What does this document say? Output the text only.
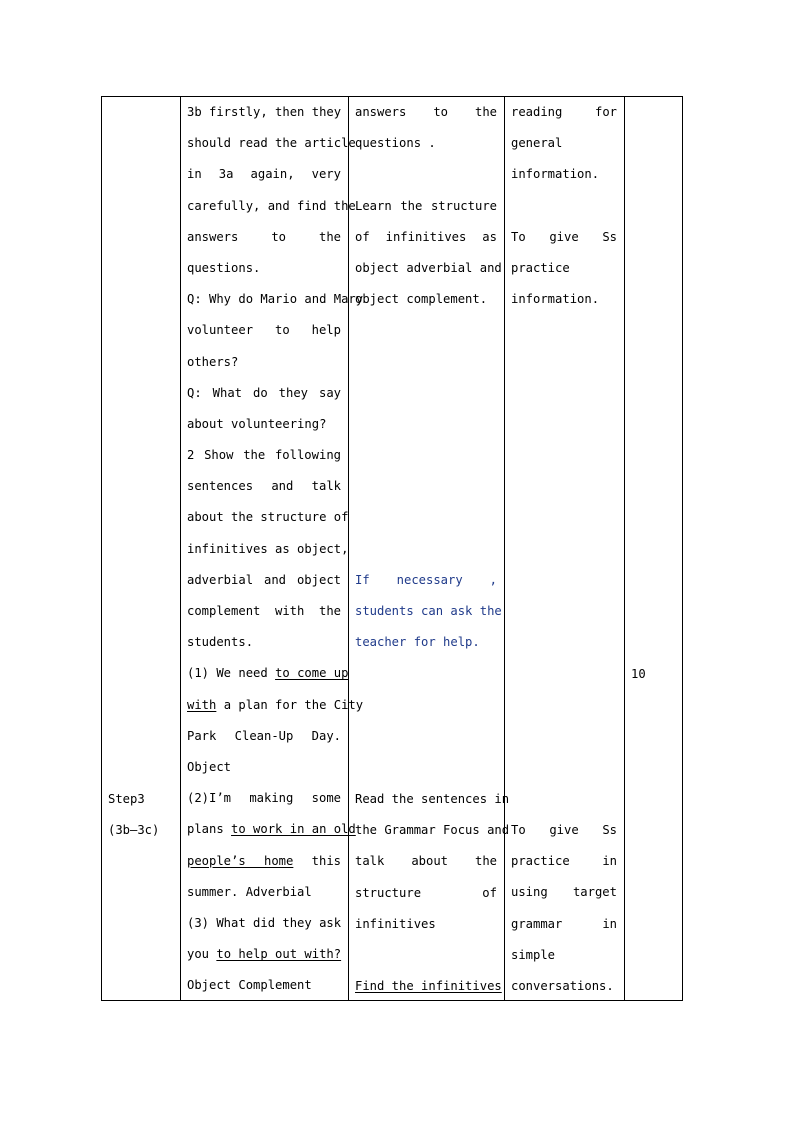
Step3
(3b—3c)
3b firstly, then they
should read the article
in 3a again, very
carefully, and find the
answers to the
questions.
Q: Why do Mario and Mary
volunteer to help
others?
Q: What do they say
about volunteering?
2 Show the following
sentences and talk
about the structure of
infinitives as object,
adverbial and object
complement with the
students.
(1) We need to come up
with a plan for the City
Park Clean-Up Day.
Object
(2)I’m making some
plans to work in an old
people’s home this
summer. Adverbial
(3) What did they ask
you to help out with?
Object Complement
answers to the
questions .
Learn the structure
of infinitives as
object adverbial and
object complement.
If necessary ,
students can ask the
teacher for help.
Read the sentences in
the Grammar Focus and
talk about the
structure of
infinitives
Find the infinitives
reading for
general
information.
To give Ss
practice
information.
To give Ss
practice in
using target
grammar in
simple
conversations.
10
